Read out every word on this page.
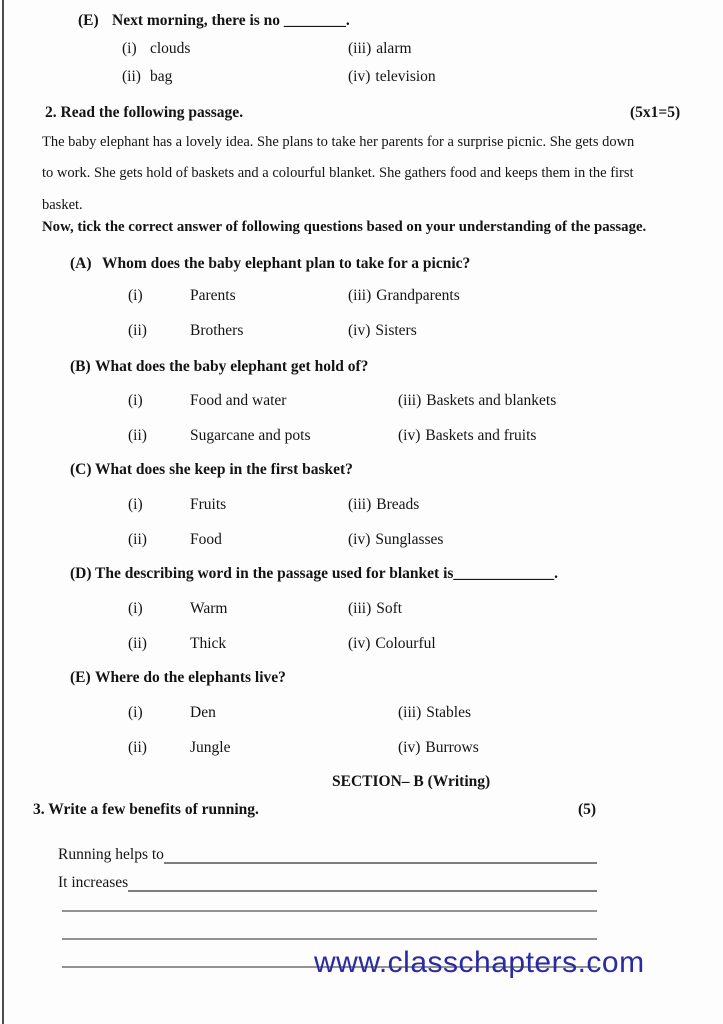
(E) Next morning, there is no ________.
(i) clouds	(iii) alarm
(ii) bag	(iv) television
2. Read the following passage.	(5x1=5)
The baby elephant has a lovely idea. She plans to take her parents for a surprise picnic. She gets down
to work. She gets hold of baskets and a colourful blanket. She gathers food and keeps them in the first
basket.
Now, tick the correct answer of following questions based on your understanding of the passage.
(A) Whom does the baby elephant plan to take for a picnic?
(i)	Parents	(iii) Grandparents
(ii)	Brothers	(iv) Sisters
(B) What does the baby elephant get hold of?
(i)	Food and water	(iii) Baskets and blankets
(ii)	Sugarcane and pots	(iv) Baskets and fruits
(C) What does she keep in the first basket?
(i)	Fruits	(iii) Breads
(ii)	Food	(iv) Sunglasses
(D) The describing word in the passage used for blanket is_____________.
(i)	Warm	(iii) Soft
(ii)	Thick	(iv) Colourful
(E) Where do the elephants live?
(i)	Den	(iii) Stables
(ii)	Jungle	(iv) Burrows
SECTION– B (Writing)
3. Write a few benefits of running.	(5)
Running helps to
It increases
www.classchapters.com
